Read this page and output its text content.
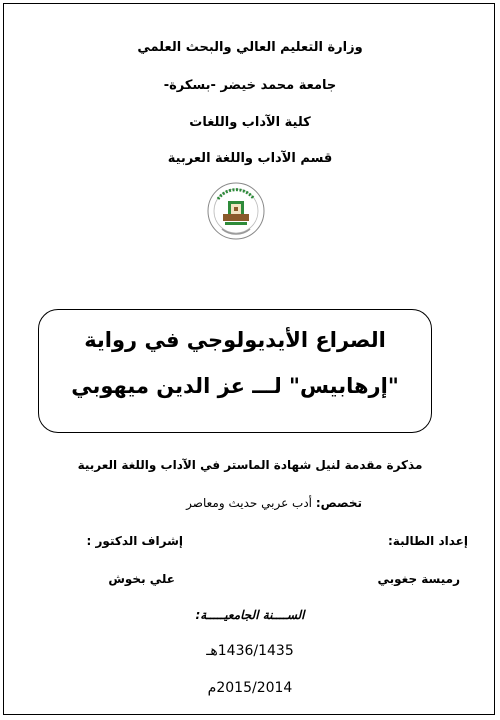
وزارة التعليم العالي والبحث العلمي
جامعة محمد خيضر -بسكرة-
كلية الآداب واللغات
قسم الآداب واللغة العربية
الصراع الأيديولوجي في رواية
"إرهابيس" لـــ عز الدين ميهوبي
مذكرة مقدمة لنيل شهادة الماستر في الآداب واللغة العربية
تخصص: أدب عربي حديث ومعاصر
إعداد الطالبة:
إشراف الدكتور :
رميسة جغوبي
علي بخوش
الســــنة الجامعيـــــة:
1436/1435هـ
2015/2014م
